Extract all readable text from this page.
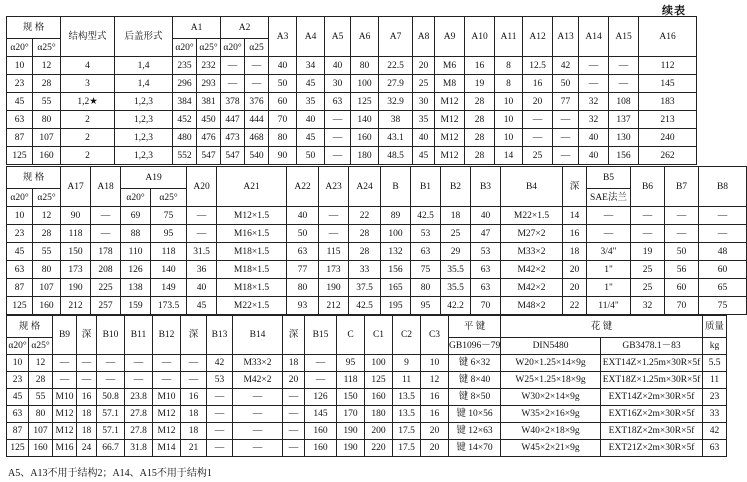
续表
规 格		结构型式	后盖形式	A1		A2		A3	A4	A5	A6	A7	A8	A9	A10	A11	A12	A13	A14	A15	A16
α20°	α25°			α20°	α25°	α20°	α25														
10	12	4	1,4	235	232	—	—	40	34	40	80	22.5	20	M6	16	8	12.5	42	—	—	112
23	28	3	1,4	296	293	—	—	50	45	30	100	27.9	25	M8	19	8	16	50	—	—	145
45	55	1,2★	1,2,3	384	381	378	376	60	35	63	125	32.9	30	M12	28	10	20	77	32	108	183
63	80	2	1,2,3	452	450	447	444	70	40	—	140	38	35	M12	28	10	—	—	32	137	213
87	107	2	1,2,3	480	476	473	468	80	45	—	160	43.1	40	M12	28	10	—	—	40	130	240
125	160	2	1,2,3	552	547	547	540	90	50	—	180	48.5	45	M12	28	14	25	—	40	156	262
规 格		A17	A18	A19		A20	A21	A22	A23	A24	B	B1	B2	B3	B4	深	B5	B6	B7	B8
α20°	α25°			α20°	α25°												SAE法兰			
10	12	90	—	69	75	—	M12×1.5	40	—	22	89	42.5	18	40	M22×1.5	14	—	—	—	—
23	28	118	—	88	95	—	M16×1.5	50	—	28	100	53	25	47	M27×2	16	—	—	—	—
45	55	150	178	110	118	31.5	M18×1.5	63	115	28	132	63	29	53	M33×2	18	3/4"	19	50	48
63	80	173	208	126	140	36	M18×1.5	77	173	33	156	75	35.5	63	M42×2	20	1"	25	56	60
87	107	190	225	138	149	40	M18×1.5	80	190	37.5	165	80	35.5	63	M42×2	20	1"	25	60	65
125	160	212	257	159	173.5	45	M22×1.5	93	212	42.5	195	95	42.2	70	M48×2	22	11/4"	32	70	75
规 格		B9	深	B10	B11	B12	深	B13	B14	深	B15	C	C1	C2	C3	平 键	花 键		质量
α20°	α25°															GB1096－79	DIN5480	GB3478.1－83	kg
10	12	—	—	—	—	—	—	42	M33×2	18	—	95	100	9	10	键 6×32	W20×1.25×14×9g	EXT14Z×1.25m×30R×5f	5.5
23	28	—	—	—	—	—	—	53	M42×2	20	—	118	125	11	12	键 8×40	W25×1.25×18×9g	EXT18Z×1.25m×30R×5f	11
45	55	M10	16	50.8	23.8	M10	16	—	—	—	126	150	160	13.5	16	键 8×50	W30×2×14×9g	EXT14Z×2m×30R×5f	23
63	80	M12	18	57.1	27.8	M12	18	—	—	—	145	170	180	13.5	16	键 10×56	W35×2×16×9g	EXT16Z×2m×30R×5f	33
87	107	M12	18	57.1	27.8	M12	18	—	—	—	160	190	200	17.5	20	键 12×63	W40×2×18×9g	EXT18Z×2m×30R×5f	42
125	160	M16	24	66.7	31.8	M14	21	—	—	—	160	190	220	17.5	20	键 14×70	W45×2×21×9g	EXT21Z×2m×30R×5f	63
A5、A13不用于结构2；A14、A15不用于结构1
